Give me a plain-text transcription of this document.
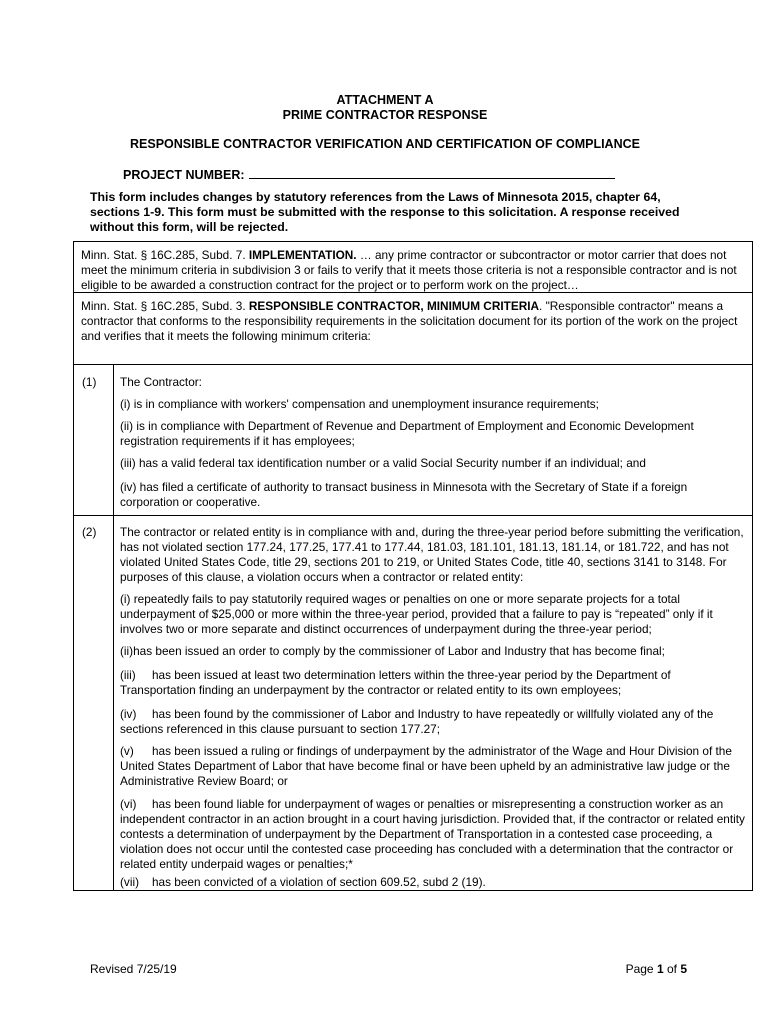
ATTACHMENT A
PRIME CONTRACTOR RESPONSE
RESPONSIBLE CONTRACTOR VERIFICATION AND CERTIFICATION OF COMPLIANCE
PROJECT NUMBER:
This form includes changes by statutory references from the Laws of Minnesota 2015, chapter 64, sections 1-9. This form must be submitted with the response to this solicitation. A response received without this form, will be rejected.
Minn. Stat. § 16C.285, Subd. 7. IMPLEMENTATION. … any prime contractor or subcontractor or motor carrier that does not meet the minimum criteria in subdivision 3 or fails to verify that it meets those criteria is not a responsible contractor and is not eligible to be awarded a construction contract for the project or to perform work on the project…
Minn. Stat. § 16C.285, Subd. 3. RESPONSIBLE CONTRACTOR, MINIMUM CRITERIA. "Responsible contractor" means a contractor that conforms to the responsibility requirements in the solicitation document for its portion of the work on the project and verifies that it meets the following minimum criteria:
(1) The Contractor:
(i) is in compliance with workers' compensation and unemployment insurance requirements;
(ii) is in compliance with Department of Revenue and Department of Employment and Economic Development registration requirements if it has employees;
(iii) has a valid federal tax identification number or a valid Social Security number if an individual; and
(iv) has filed a certificate of authority to transact business in Minnesota with the Secretary of State if a foreign corporation or cooperative.
(2) The contractor or related entity is in compliance with and, during the three-year period before submitting the verification, has not violated section 177.24, 177.25, 177.41 to 177.44, 181.03, 181.101, 181.13, 181.14, or 181.722, and has not violated United States Code, title 29, sections 201 to 219, or United States Code, title 40, sections 3141 to 3148. For purposes of this clause, a violation occurs when a contractor or related entity:
(i) repeatedly fails to pay statutorily required wages or penalties on one or more separate projects for a total underpayment of $25,000 or more within the three-year period, provided that a failure to pay is “repeated” only if it involves two or more separate and distinct occurrences of underpayment during the three-year period;
(ii)has been issued an order to comply by the commissioner of Labor and Industry that has become final;
(iii) has been issued at least two determination letters within the three-year period by the Department of Transportation finding an underpayment by the contractor or related entity to its own employees;
(iv) has been found by the commissioner of Labor and Industry to have repeatedly or willfully violated any of the sections referenced in this clause pursuant to section 177.27;
(v) has been issued a ruling or findings of underpayment by the administrator of the Wage and Hour Division of the United States Department of Labor that have become final or have been upheld by an administrative law judge or the Administrative Review Board; or
(vi) has been found liable for underpayment of wages or penalties or misrepresenting a construction worker as an independent contractor in an action brought in a court having jurisdiction. Provided that, if the contractor or related entity contests a determination of underpayment by the Department of Transportation in a contested case proceeding, a violation does not occur until the contested case proceeding has concluded with a determination that the contractor or related entity underpaid wages or penalties;*
(vii) has been convicted of a violation of section 609.52, subd 2 (19).
Revised 7/25/19	Page 1 of 5
